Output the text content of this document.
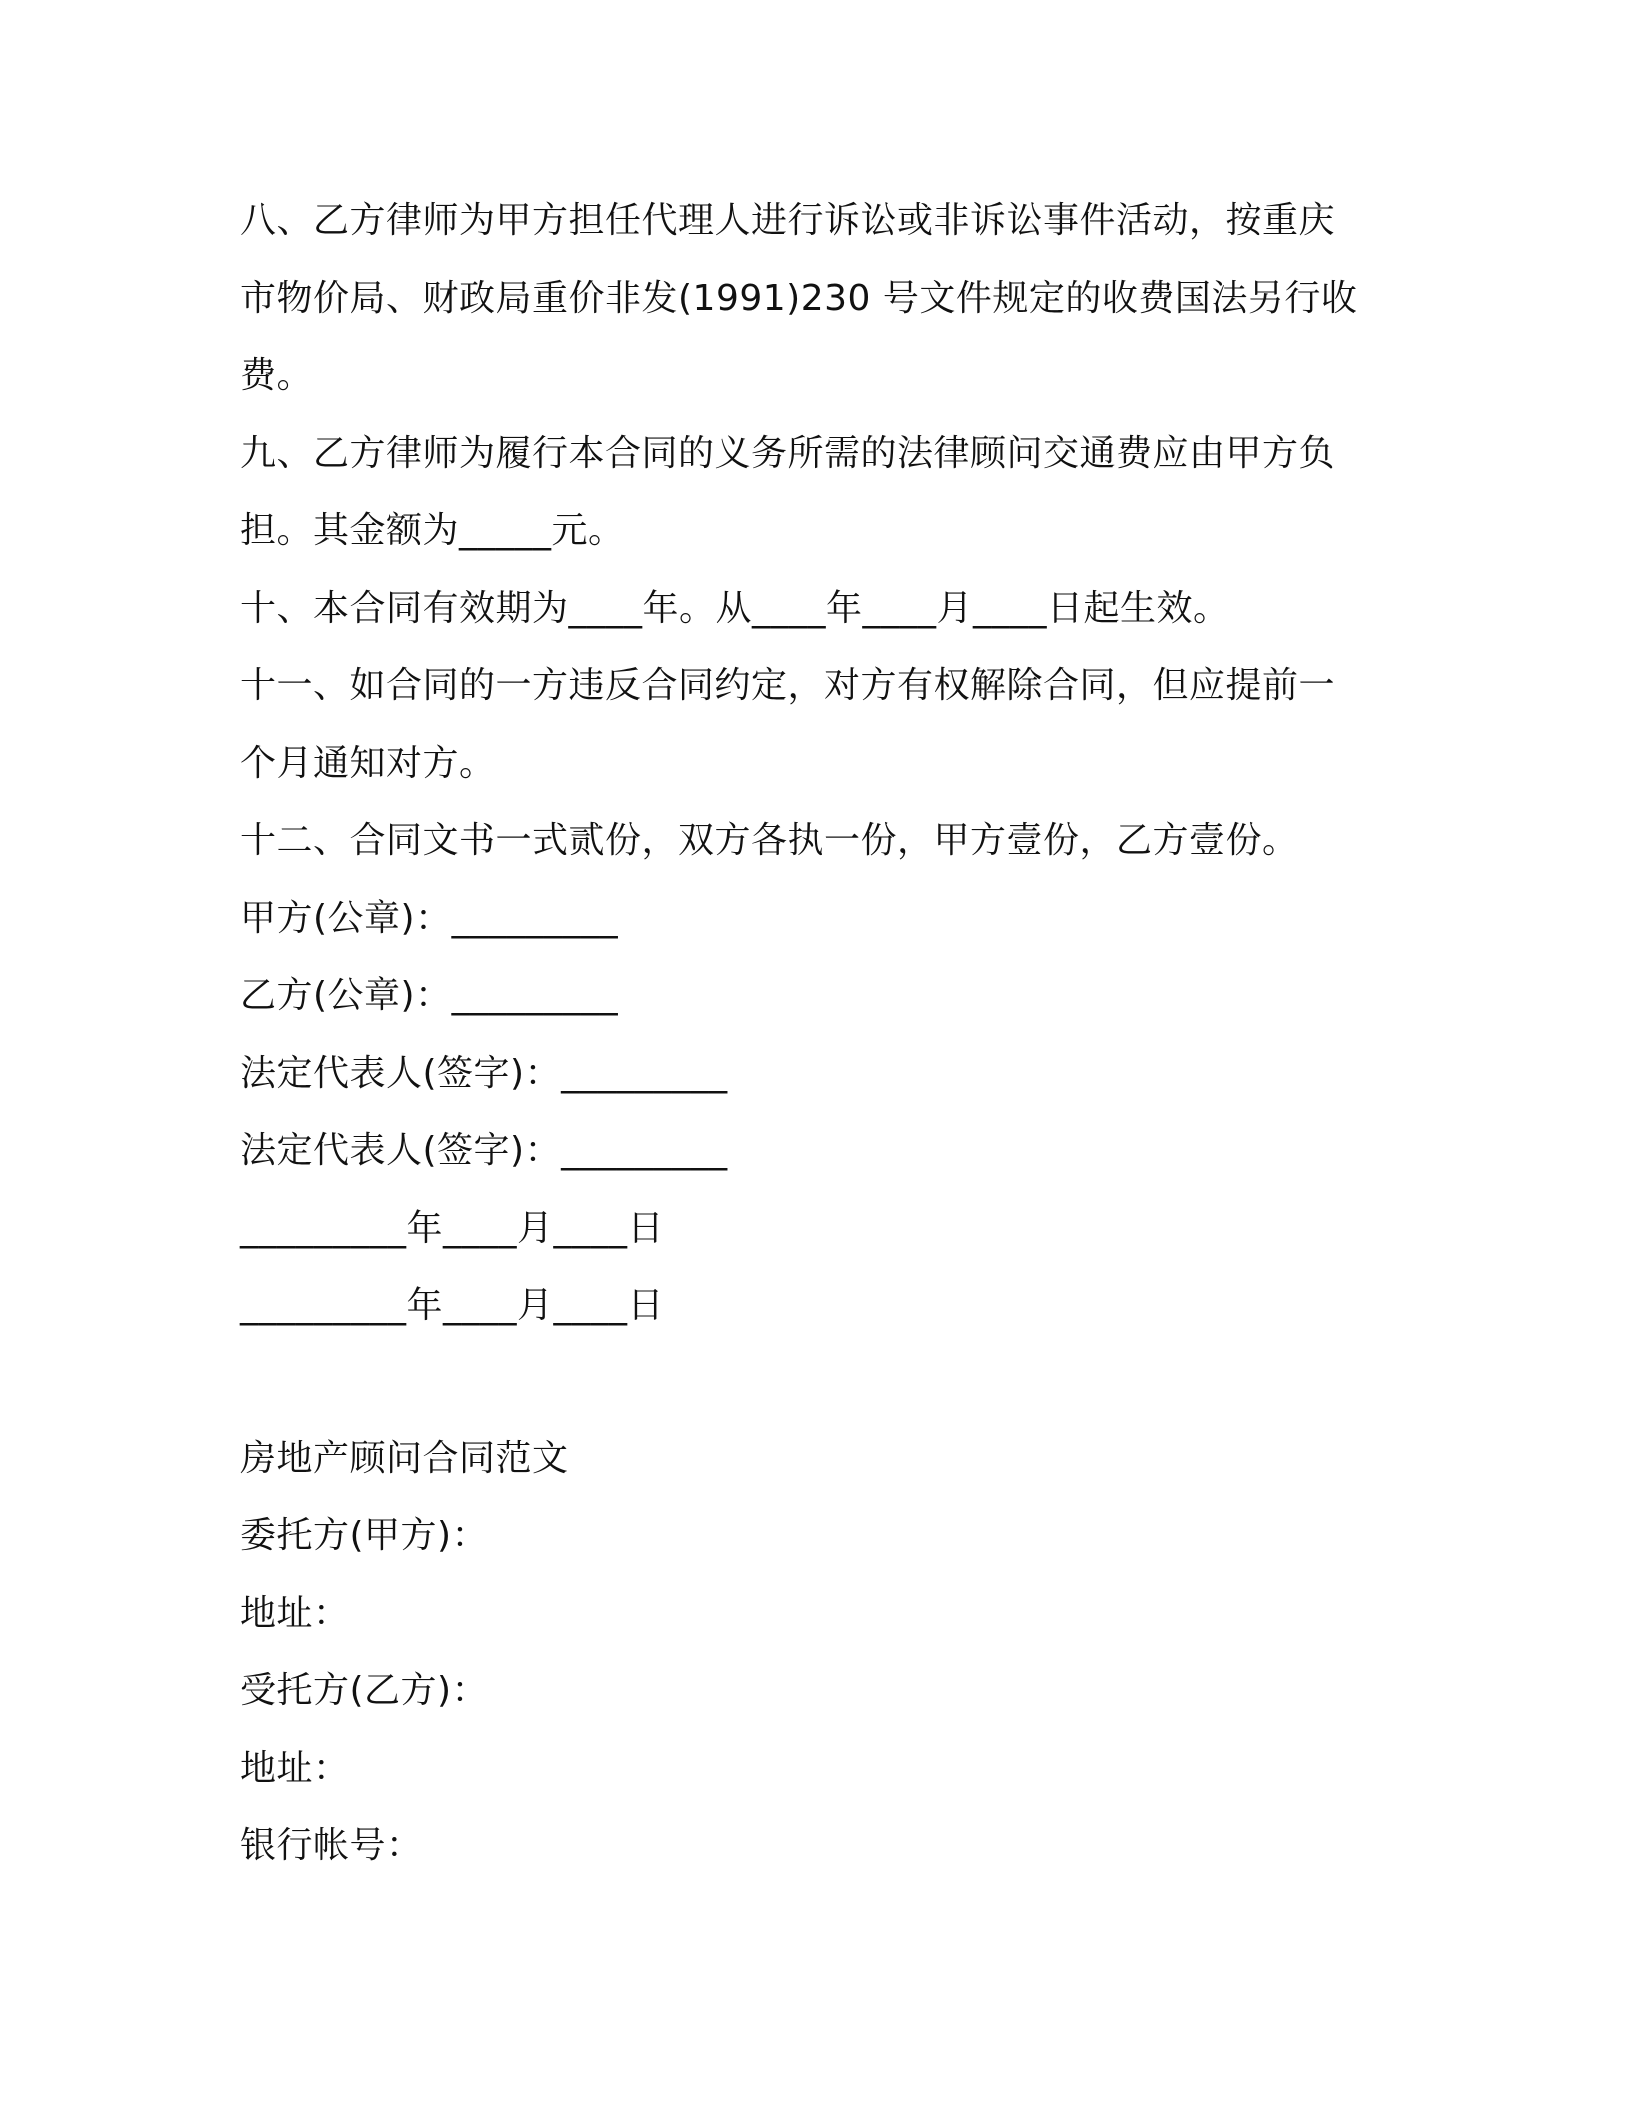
八、乙方律师为甲方担任代理人进行诉讼或非诉讼事件活动，按重庆
市物价局、财政局重价非发(1991)230 号文件规定的收费国法另行收
费。
九、乙方律师为履行本合同的义务所需的法律顾问交通费应由甲方负
担。其金额为_____元。
十、本合同有效期为____年。从____年____月____日起生效。
十一、如合同的一方违反合同约定，对方有权解除合同，但应提前一
个月通知对方。
十二、合同文书一式贰份，双方各执一份，甲方壹份，乙方壹份。
甲方(公章)：_________
乙方(公章)：_________
法定代表人(签字)：_________
法定代表人(签字)：_________
_________年____月____日
_________年____月____日
房地产顾问合同范文
委托方(甲方)：
地址：
受托方(乙方)：
地址：
银行帐号：
